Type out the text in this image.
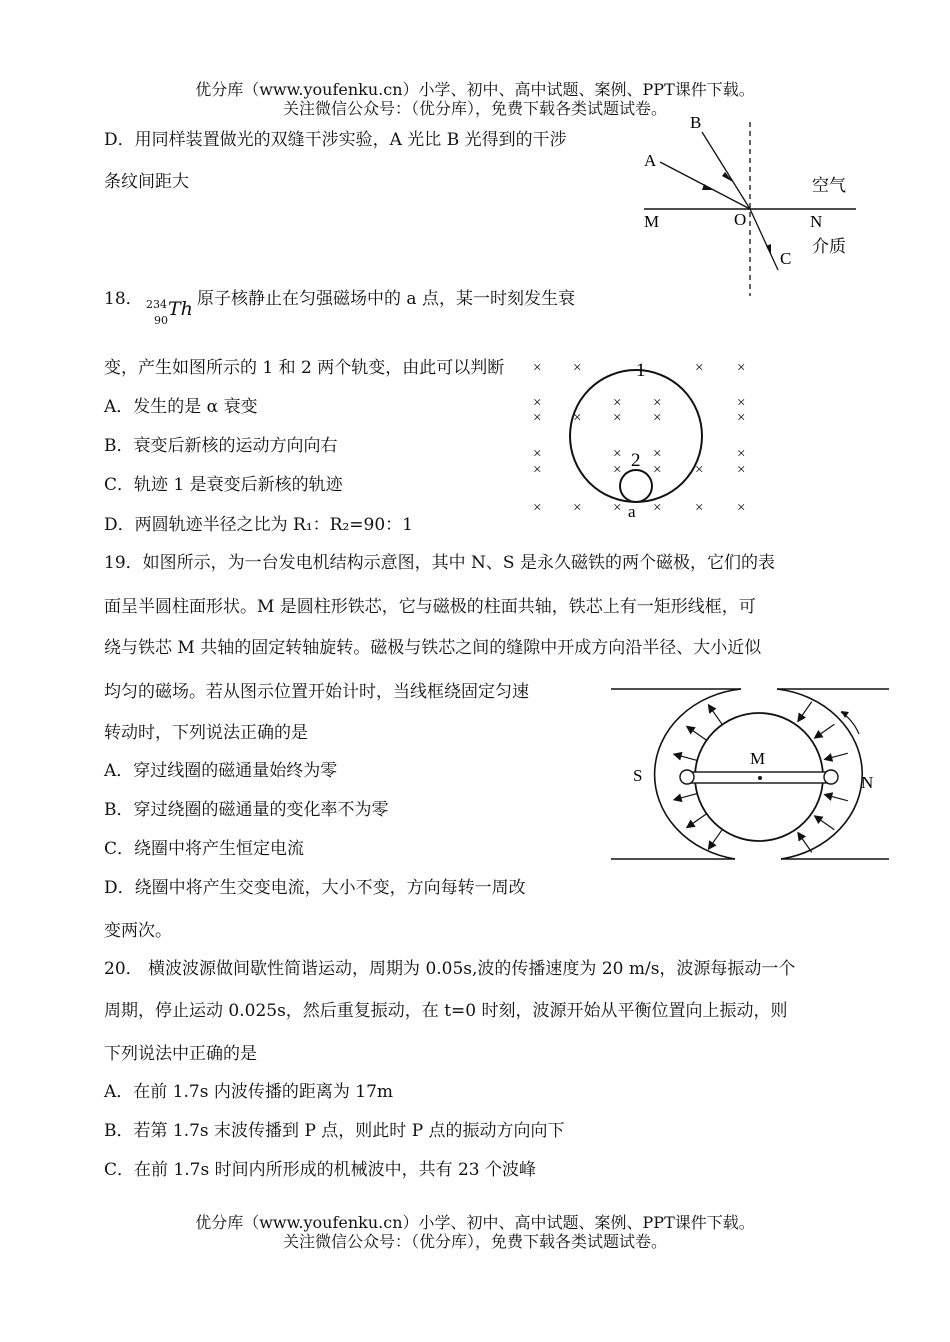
优分库（www.youfenku.cn）小学、初中、高中试题、案例、PPT课件下载。
关注微信公众号：（优分库），免费下载各类试题试卷。
D．用同样装置做光的双缝干涉实验，A 光比 B 光得到的干涉
条纹间距大
B
A
空气
M	O	N
介质
C
18． 234
90
Th 原子核静止在匀强磁场中的 a 点，某一时刻发生衰
变，产生如图所示的 1 和 2 两个轨变，由此可以判断
A．发生的是 α 衰变
B．衰变后新核的运动方向向右
C．轨迹 1 是衰变后新核的轨迹
D．两圆轨迹半径之比为 R₁：R₂=90：1
× ×	× ×
×	× ×	×
× × × ×	×
×	× ×	×
×	× × × ×
× × × × × ×
1
2
a
19．如图所示，为一台发电机结构示意图，其中 N、S 是永久磁铁的两个磁极，它们的表
面呈半圆柱面形状。M 是圆柱形铁芯，它与磁极的柱面共轴，铁芯上有一矩形线框，可
绕与铁芯 M 共轴的固定转轴旋转。磁极与铁芯之间的缝隙中开成方向沿半径、大小近似
均匀的磁场。若从图示位置开始计时，当线框绕固定匀速
转动时，下列说法正确的是
A．穿过线圈的磁通量始终为零
B．穿过绕圈的磁通量的变化率不为零
C．绕圈中将产生恒定电流
D．绕圈中将产生交变电流，大小不变，方向每转一周改
变两次。
M
S	N
20． 横波波源做间歇性简谐运动，周期为 0.05s,波的传播速度为 20 m/s，波源每振动一个
周期，停止运动 0.025s，然后重复振动，在 t=0 时刻，波源开始从平衡位置向上振动，则
下列说法中正确的是
A．在前 1.7s 内波传播的距离为 17m
B．若第 1.7s 末波传播到 P 点，则此时 P 点的振动方向向下
C．在前 1.7s 时间内所形成的机械波中，共有 23 个波峰
优分库（www.youfenku.cn）小学、初中、高中试题、案例、PPT课件下载。
关注微信公众号：（优分库），免费下载各类试题试卷。
